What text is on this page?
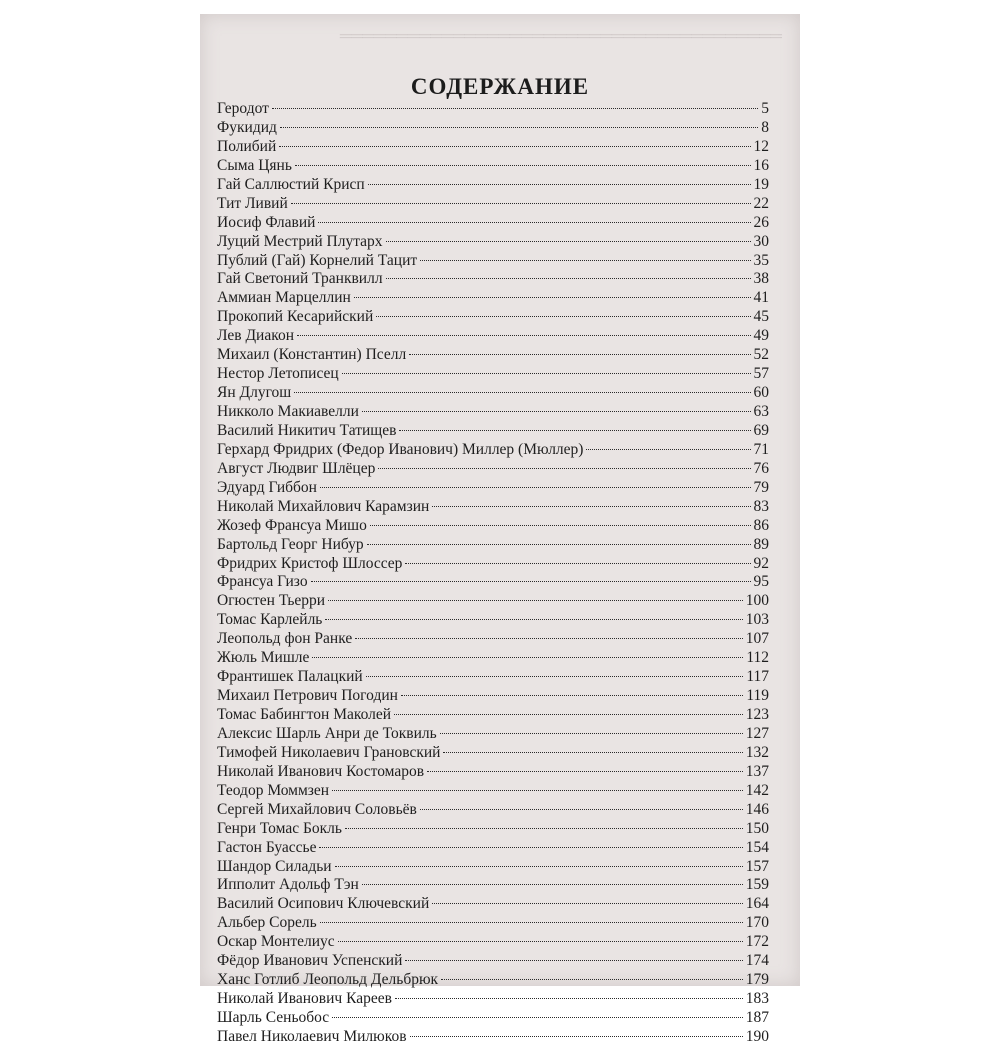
═══════════════════════════════════════
СОДЕРЖАНИЕ
Геродот	5
Фукидид	8
Полибий	12
Сыма Цянь	16
Гай Саллюстий Крисп	19
Тит Ливий	22
Иосиф Флавий	26
Луций Местрий Плутарх	30
Публий (Гай) Корнелий Тацит	35
Гай Светоний Транквилл	38
Аммиан Марцеллин	41
Прокопий Кесарийский	45
Лев Диакон	49
Михаил (Константин) Пселл	52
Нестор Летописец	57
Ян Длугош	60
Никколо Макиавелли	63
Василий Никитич Татищев	69
Герхард Фридрих (Федор Иванович) Миллер (Мюллер)	71
Август Людвиг Шлёцер	76
Эдуард Гиббон	79
Николай Михайлович Карамзин	83
Жозеф Франсуа Мишо	86
Бартольд Георг Нибур	89
Фридрих Кристоф Шлоссер	92
Франсуа Гизо	95
Огюстен Тьерри	100
Томас Карлейль	103
Леопольд фон Ранке	107
Жюль Мишле	112
Франтишек Палацкий	117
Михаил Петрович Погодин	119
Томас Бабингтон Маколей	123
Алексис Шарль Анри де Токвиль	127
Тимофей Николаевич Грановский	132
Николай Иванович Костомаров	137
Теодор Моммзен	142
Сергей Михайлович Соловьёв	146
Генри Томас Бокль	150
Гастон Буассье	154
Шандор Силадьи	157
Ипполит Адольф Тэн	159
Василий Осипович Ключевский	164
Альбер Сорель	170
Оскар Монтелиус	172
Фёдор Иванович Успенский	174
Ханс Готлиб Леопольд Дельбрюк	179
Николай Иванович Кареев	183
Шарль Сеньобос	187
Павел Николаевич Милюков	190
